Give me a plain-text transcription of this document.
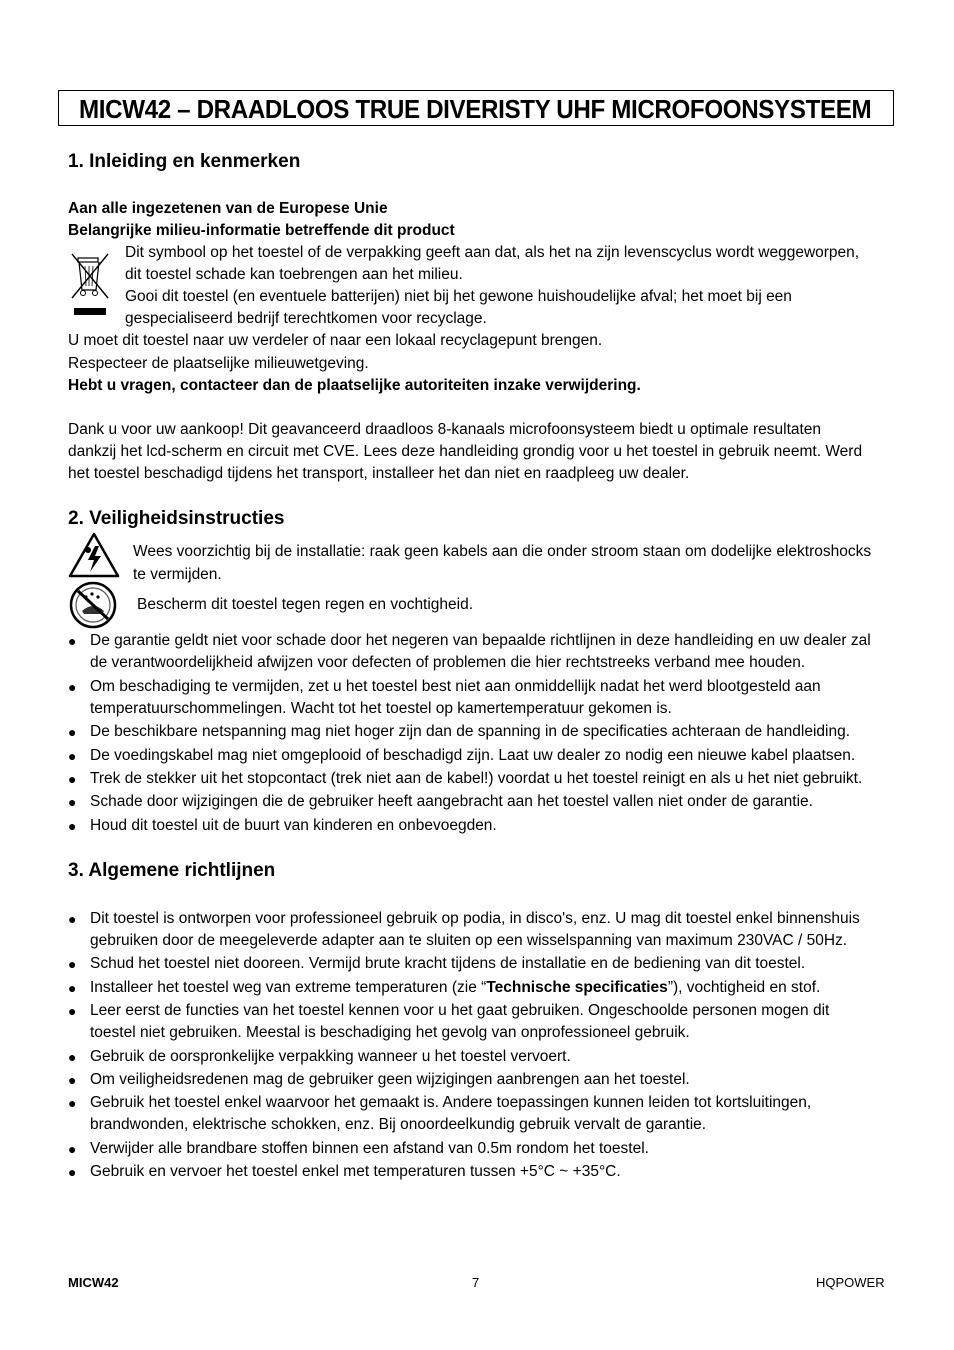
MICW42 – DRAADLOOS TRUE DIVERISTY UHF MICROFOONSYSTEEM
1. Inleiding en kenmerken
Aan alle ingezetenen van de Europese Unie
Belangrijke milieu-informatie betreffende dit product
Dit symbool op het toestel of de verpakking geeft aan dat, als het na zijn levenscyclus wordt weggeworpen,
dit toestel schade kan toebrengen aan het milieu.
Gooi dit toestel (en eventuele batterijen) niet bij het gewone huishoudelijke afval; het moet bij een
gespecialiseerd bedrijf terechtkomen voor recyclage.
U moet dit toestel naar uw verdeler of naar een lokaal recyclagepunt brengen.
Respecteer de plaatselijke milieuwetgeving.
Hebt u vragen, contacteer dan de plaatselijke autoriteiten inzake verwijdering.
Dank u voor uw aankoop! Dit geavanceerd draadloos 8-kanaals microfoonsysteem biedt u optimale resultaten
dankzij het lcd-scherm en circuit met CVE. Lees deze handleiding grondig voor u het toestel in gebruik neemt. Werd
het toestel beschadigd tijdens het transport, installeer het dan niet en raadpleeg uw dealer.
2. Veiligheidsinstructies
Wees voorzichtig bij de installatie: raak geen kabels aan die onder stroom staan om dodelijke elektroshocks
te vermijden.
Bescherm dit toestel tegen regen en vochtigheid.
● De garantie geldt niet voor schade door het negeren van bepaalde richtlijnen in deze handleiding en uw dealer zal
de verantwoordelijkheid afwijzen voor defecten of problemen die hier rechtstreeks verband mee houden.
● Om beschadiging te vermijden, zet u het toestel best niet aan onmiddellijk nadat het werd blootgesteld aan
temperatuurschommelingen. Wacht tot het toestel op kamertemperatuur gekomen is.
● De beschikbare netspanning mag niet hoger zijn dan de spanning in de specificaties achteraan de handleiding.
● De voedingskabel mag niet omgeplooid of beschadigd zijn. Laat uw dealer zo nodig een nieuwe kabel plaatsen.
● Trek de stekker uit het stopcontact (trek niet aan de kabel!) voordat u het toestel reinigt en als u het niet gebruikt.
● Schade door wijzigingen die de gebruiker heeft aangebracht aan het toestel vallen niet onder de garantie.
● Houd dit toestel uit de buurt van kinderen en onbevoegden.
3. Algemene richtlijnen
● Dit toestel is ontworpen voor professioneel gebruik op podia, in disco's, enz. U mag dit toestel enkel binnenshuis
gebruiken door de meegeleverde adapter aan te sluiten op een wisselspanning van maximum 230VAC / 50Hz.
● Schud het toestel niet dooreen. Vermijd brute kracht tijdens de installatie en de bediening van dit toestel.
● Installeer het toestel weg van extreme temperaturen (zie “Technische specificaties”), vochtigheid en stof.
● Leer eerst de functies van het toestel kennen voor u het gaat gebruiken. Ongeschoolde personen mogen dit
toestel niet gebruiken. Meestal is beschadiging het gevolg van onprofessioneel gebruik.
● Gebruik de oorspronkelijke verpakking wanneer u het toestel vervoert.
● Om veiligheidsredenen mag de gebruiker geen wijzigingen aanbrengen aan het toestel.
● Gebruik het toestel enkel waarvoor het gemaakt is. Andere toepassingen kunnen leiden tot kortsluitingen,
brandwonden, elektrische schokken, enz. Bij onoordeelkundig gebruik vervalt de garantie.
● Verwijder alle brandbare stoffen binnen een afstand van 0.5m rondom het toestel.
● Gebruik en vervoer het toestel enkel met temperaturen tussen +5°C ~ +35°C.
MICW42	7	HQPOWER
